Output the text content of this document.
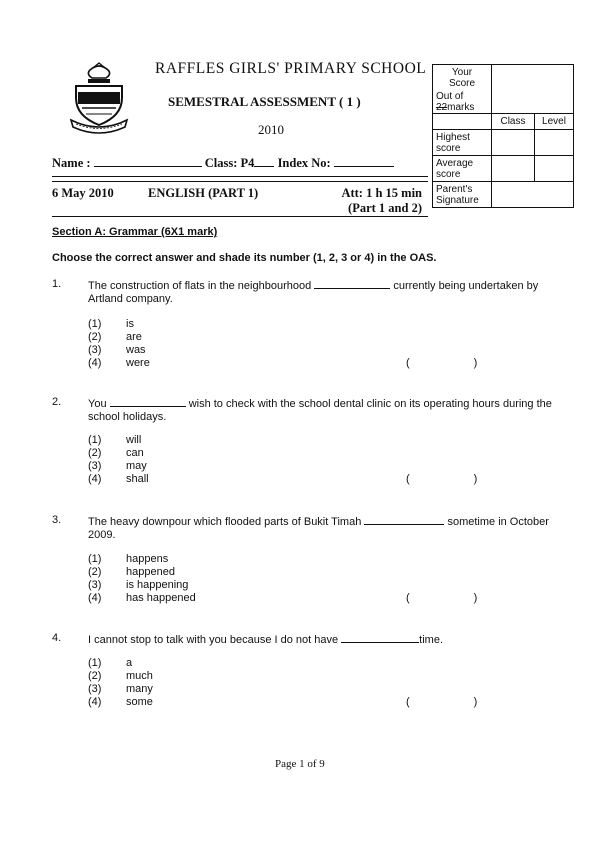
RAFFLES GIRLS' PRIMARY SCHOOL
SEMESTRAL ASSESSMENT ( 1 )
2010
Name :	Class: P4 Index No:
6 May 2010	ENGLISH (PART 1)	Att: 1 h 15 min
(Part 1 and 2)
Your Score
Out of
22marks		

	Class	Level
Highest score		
Average score		
Parent's Signature		
Section A: Grammar (6X1 mark)
Choose the correct answer and shade its number (1, 2, 3 or 4) in the OAS.
1. The construction of flats in the neighbourhood	currently being undertaken by Artland company.
(1) is
(2) are
(3) was
(4) were	(	)
2. You	wish to check with the school dental clinic on its operating hours during the school holidays.
(1) will
(2) can
(3) may
(4) shall	(	)
3. The heavy downpour which flooded parts of Bukit Timah	sometime in October 2009.
(1) happens
(2) happened
(3) is happening
(4) has happened	(	)
4. I cannot stop to talk with you because I do not have	time.
(1) a
(2) much
(3) many
(4) some	(	)
Page 1 of 9
